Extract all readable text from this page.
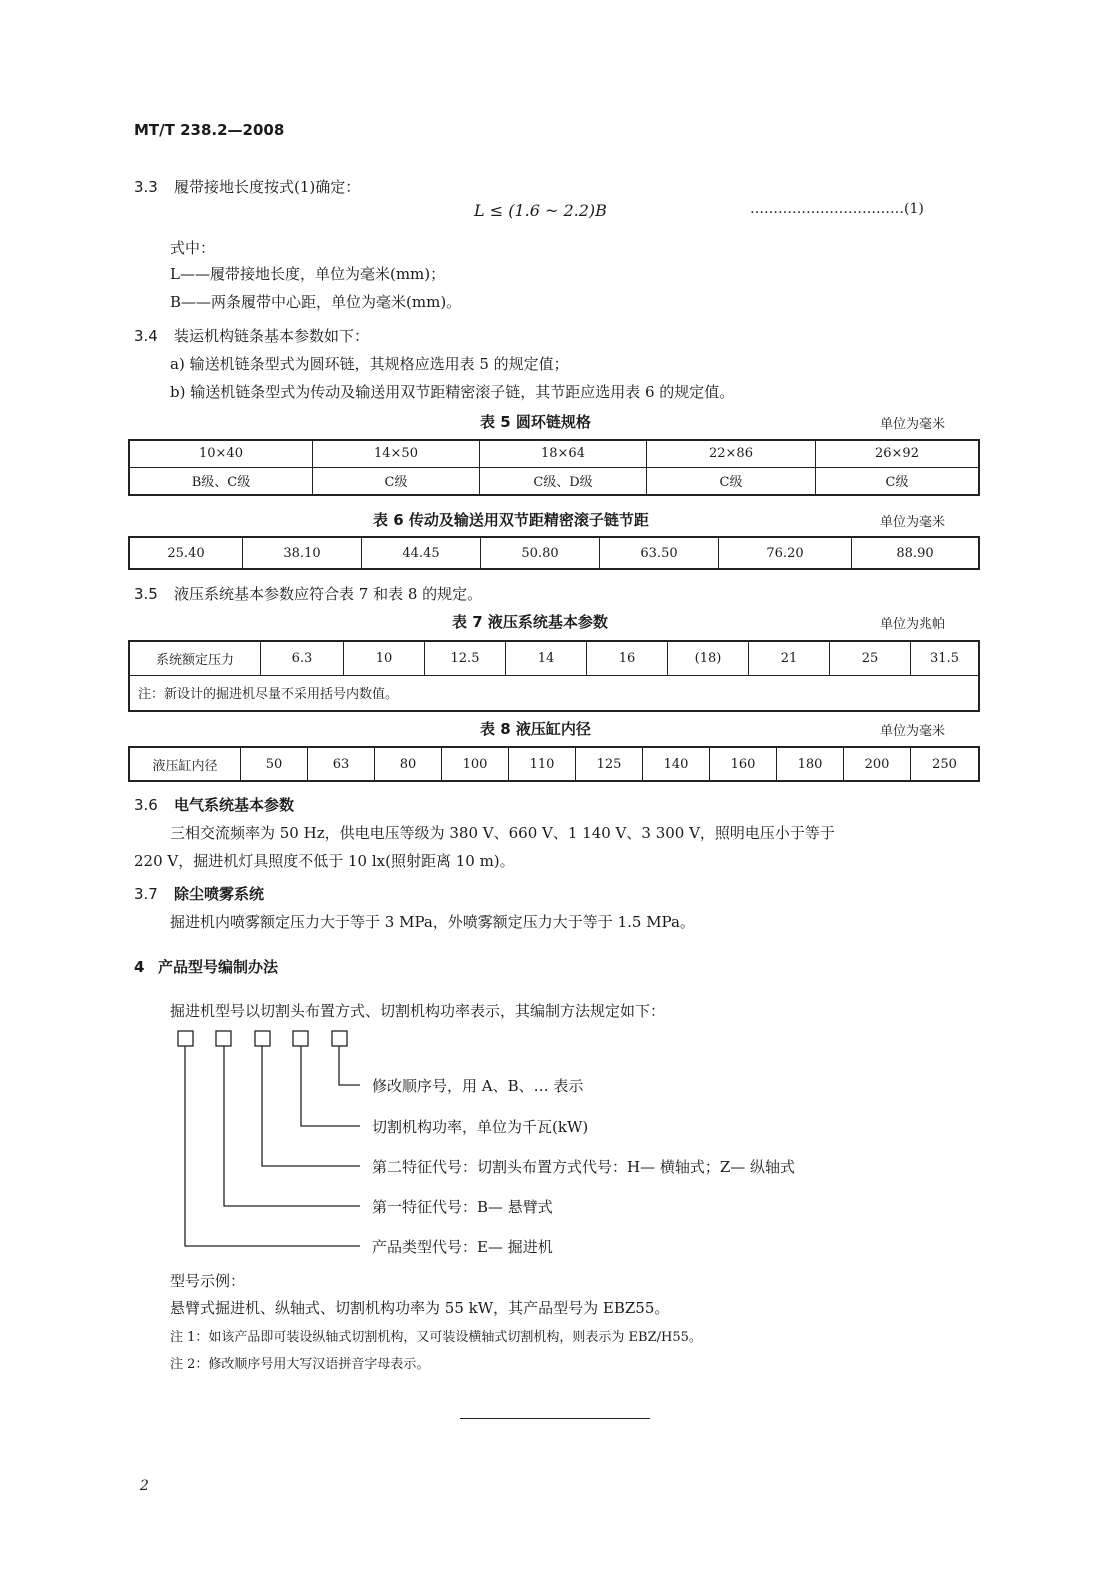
MT/T 238.2—2008
3.3 履带接地长度按式(1)确定：
L ≤ (1.6 ~ 2.2)B	……………………………(1)
式中：
L——履带接地长度，单位为毫米(mm)；
B——两条履带中心距，单位为毫米(mm)。
3.4 装运机构链条基本参数如下：
a) 输送机链条型式为圆环链，其规格应选用表 5 的规定值；
b) 输送机链条型式为传动及输送用双节距精密滚子链，其节距应选用表 6 的规定值。
表 5 圆环链规格	单位为毫米
10×40	14×50	18×64	22×86	26×92
B级、C级	C级	C级、D级	C级	C级
表 6 传动及输送用双节距精密滚子链节距	单位为毫米
25.40	38.10	44.45	50.80	63.50	76.20	88.90
3.5 液压系统基本参数应符合表 7 和表 8 的规定。
表 7 液压系统基本参数	单位为兆帕
系统额定压力	6.3	10	12.5	14	16	(18)	21	25	31.5
注：新设计的掘进机尽量不采用括号内数值。
表 8 液压缸内径	单位为毫米
液压缸内径	50	63	80	100	110	125	140	160	180	200	250
3.6 电气系统基本参数
三相交流频率为 50 Hz，供电电压等级为 380 V、660 V、1 140 V、3 300 V，照明电压小于等于
220 V，掘进机灯具照度不低于 10 lx(照射距离 10 m)。
3.7 除尘喷雾系统
掘进机内喷雾额定压力大于等于 3 MPa，外喷雾额定压力大于等于 1.5 MPa。
4 产品型号编制办法
掘进机型号以切割头布置方式、切割机构功率表示，其编制方法规定如下：
修改顺序号，用 A、B、… 表示
切割机构功率，单位为千瓦(kW)
第二特征代号：切割头布置方式代号：H— 横轴式；Z— 纵轴式
第一特征代号：B— 悬臂式
产品类型代号：E— 掘进机
型号示例：
悬臂式掘进机、纵轴式、切割机构功率为 55 kW，其产品型号为 EBZ55。
注 1：如该产品即可装设纵轴式切割机构，又可装设横轴式切割机构，则表示为 EBZ/H55。
注 2：修改顺序号用大写汉语拼音字母表示。
2
